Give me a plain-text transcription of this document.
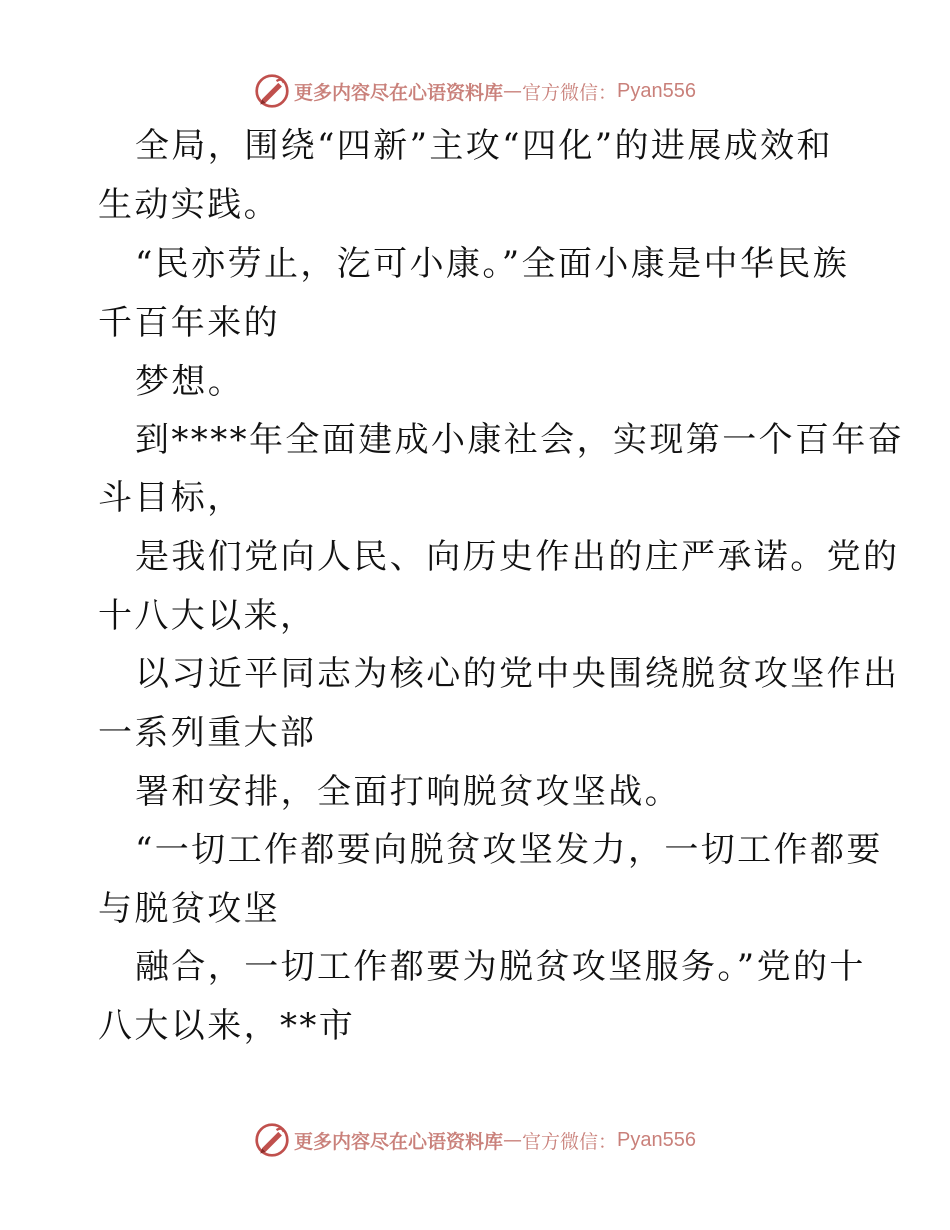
更多内容尽在心语资料库 — 官方微信： Pyan556
全局，围绕“四新”主攻“四化”的进展成效和
生动实践。
“民亦劳止，汔可小康。”全面小康是中华民族
千百年来的
梦想。
到****年全面建成小康社会，实现第一个百年奋
斗目标，
是我们党向人民、向历史作出的庄严承诺。党的
十八大以来，
以习近平同志为核心的党中央围绕脱贫攻坚作出
一系列重大部
署和安排，全面打响脱贫攻坚战。
“一切工作都要向脱贫攻坚发力，一切工作都要
与脱贫攻坚
融合，一切工作都要为脱贫攻坚服务。”党的十
八大以来，**市
更多内容尽在心语资料库 — 官方微信： Pyan556
